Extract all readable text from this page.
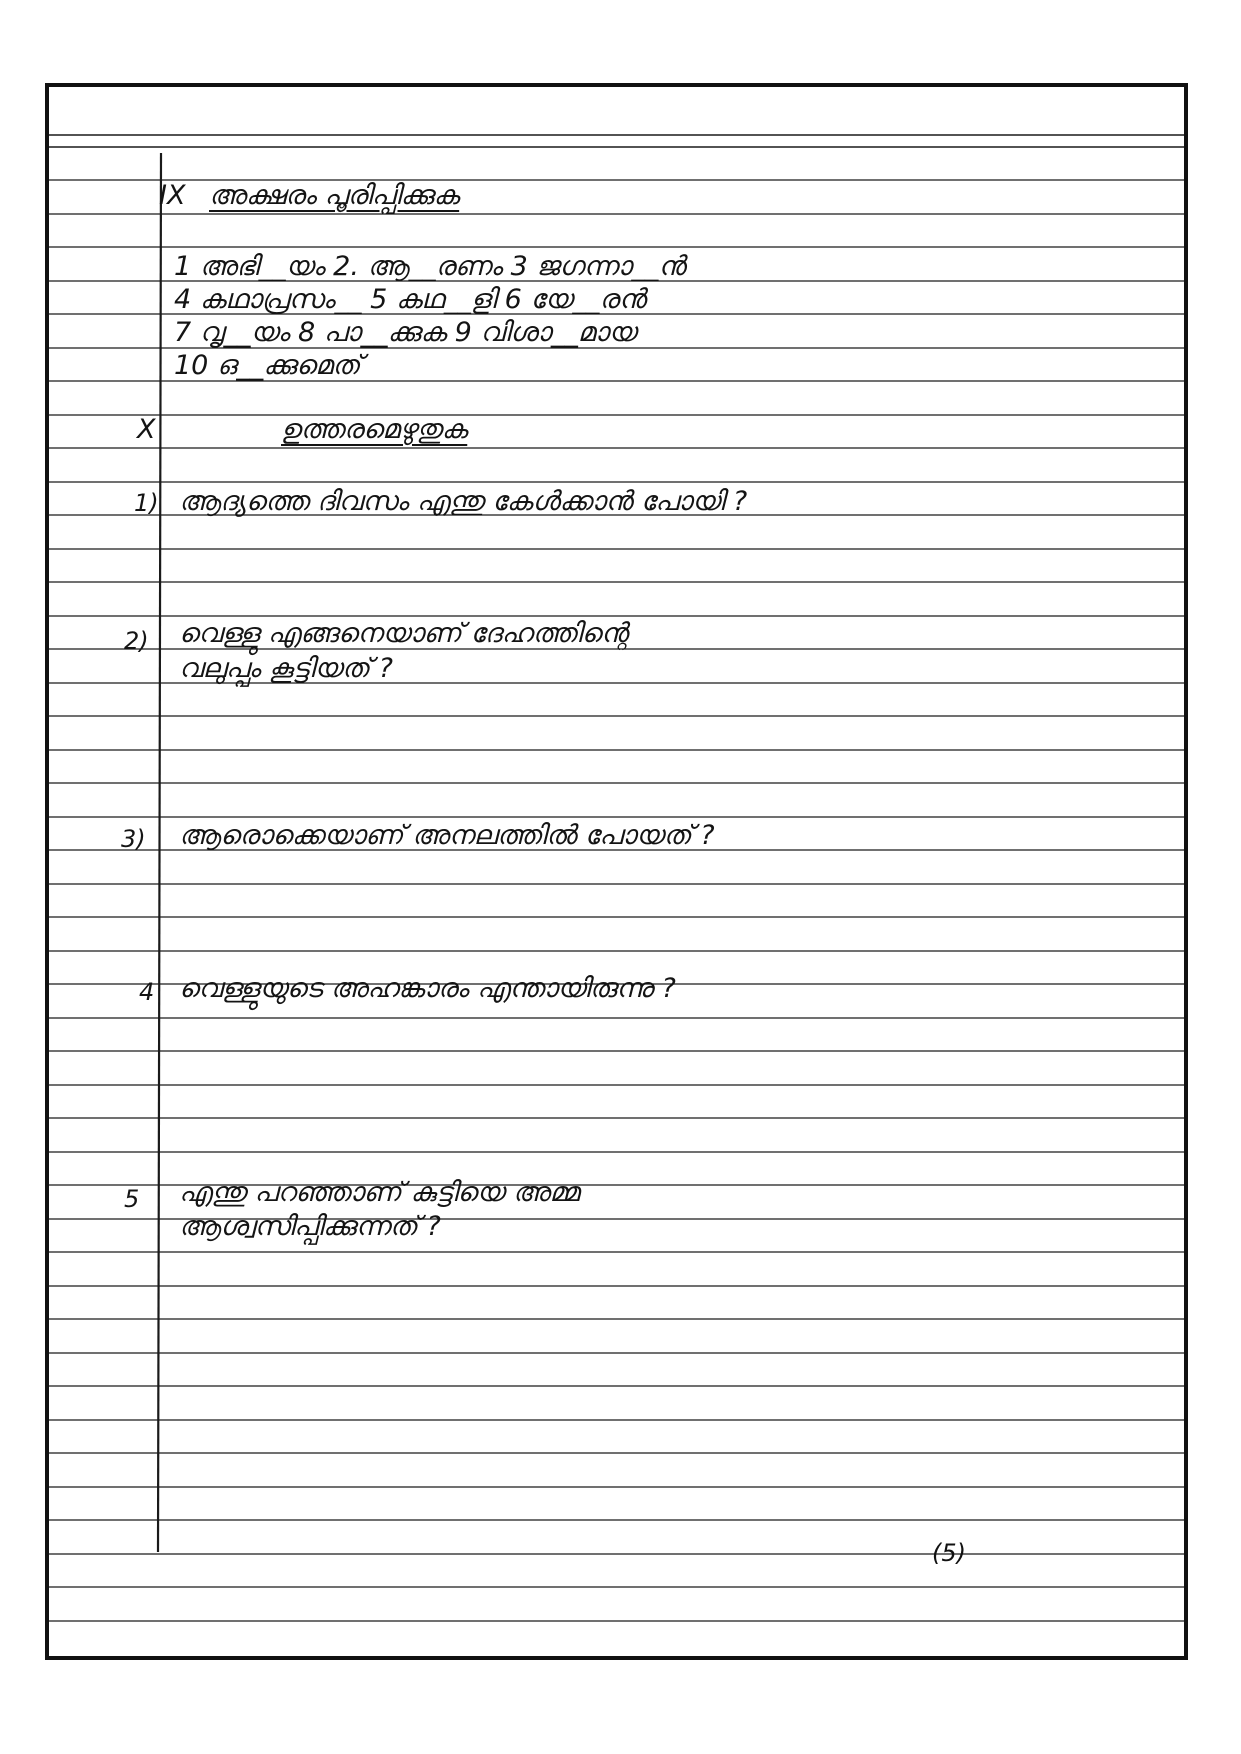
IX അക്ഷരം പൂരിപ്പിക്കുക
1 അഭി__യം 2. ആ__രണം 3 ജഗന്നാ__ൻ
4 കഥാപ്രസം__ 5 കഥ__ളി 6 യേ__രൻ
7 വൃ__യം 8 പാ__ക്കുക 9 വിശാ__മായ
10 ഒ__ക്കുമെത്
X	ഉത്തരമെഴുതുക
1) ആദ്യത്തെ ദിവസം എന്തു കേൾക്കാൻ പോയി ?
2) വെള്ളു എങ്ങനെയാണ് ദേഹത്തിന്റെ
വലുപ്പം കൂട്ടിയത് ?
3) ആരൊക്കെയാണ് അനലത്തിൽ പോയത് ?
4 വെള്ളുയുടെ അഹങ്കാരം എന്തായിരുന്നു ?
5 എന്തു പറഞ്ഞാണ് കുട്ടിയെ അമ്മ
ആശ്വസിപ്പിക്കുന്നത് ?
(5)
